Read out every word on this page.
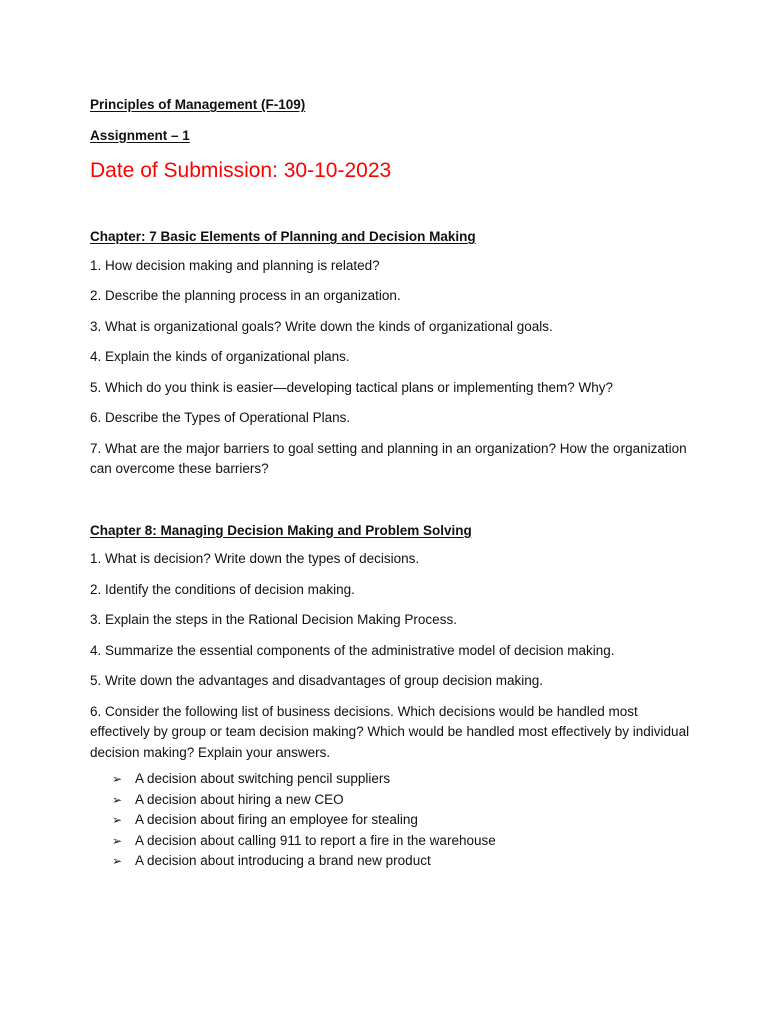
Principles of Management (F-109)

Assignment – 1

Date of Submission: 30-10-2023

Chapter: 7 Basic Elements of Planning and Decision Making

1. How decision making and planning is related?

2. Describe the planning process in an organization.

3. What is organizational goals? Write down the kinds of organizational goals.

4. Explain the kinds of organizational plans.

5. Which do you think is easier—developing tactical plans or implementing them? Why?

6. Describe the Types of Operational Plans.

7. What are the major barriers to goal setting and planning in an organization? How the organization can overcome these barriers?

Chapter 8: Managing Decision Making and Problem Solving

1. What is decision? Write down the types of decisions.

2. Identify the conditions of decision making.

3. Explain the steps in the Rational Decision Making Process.

4. Summarize the essential components of the administrative model of decision making.

5. Write down the advantages and disadvantages of group decision making.

6. Consider the following list of business decisions. Which decisions would be handled most effectively by group or team decision making? Which would be handled most effectively by individual decision making? Explain your answers.

➢ A decision about switching pencil suppliers
➢ A decision about hiring a new CEO
➢ A decision about firing an employee for stealing
➢ A decision about calling 911 to report a fire in the warehouse
➢ A decision about introducing a brand new product
